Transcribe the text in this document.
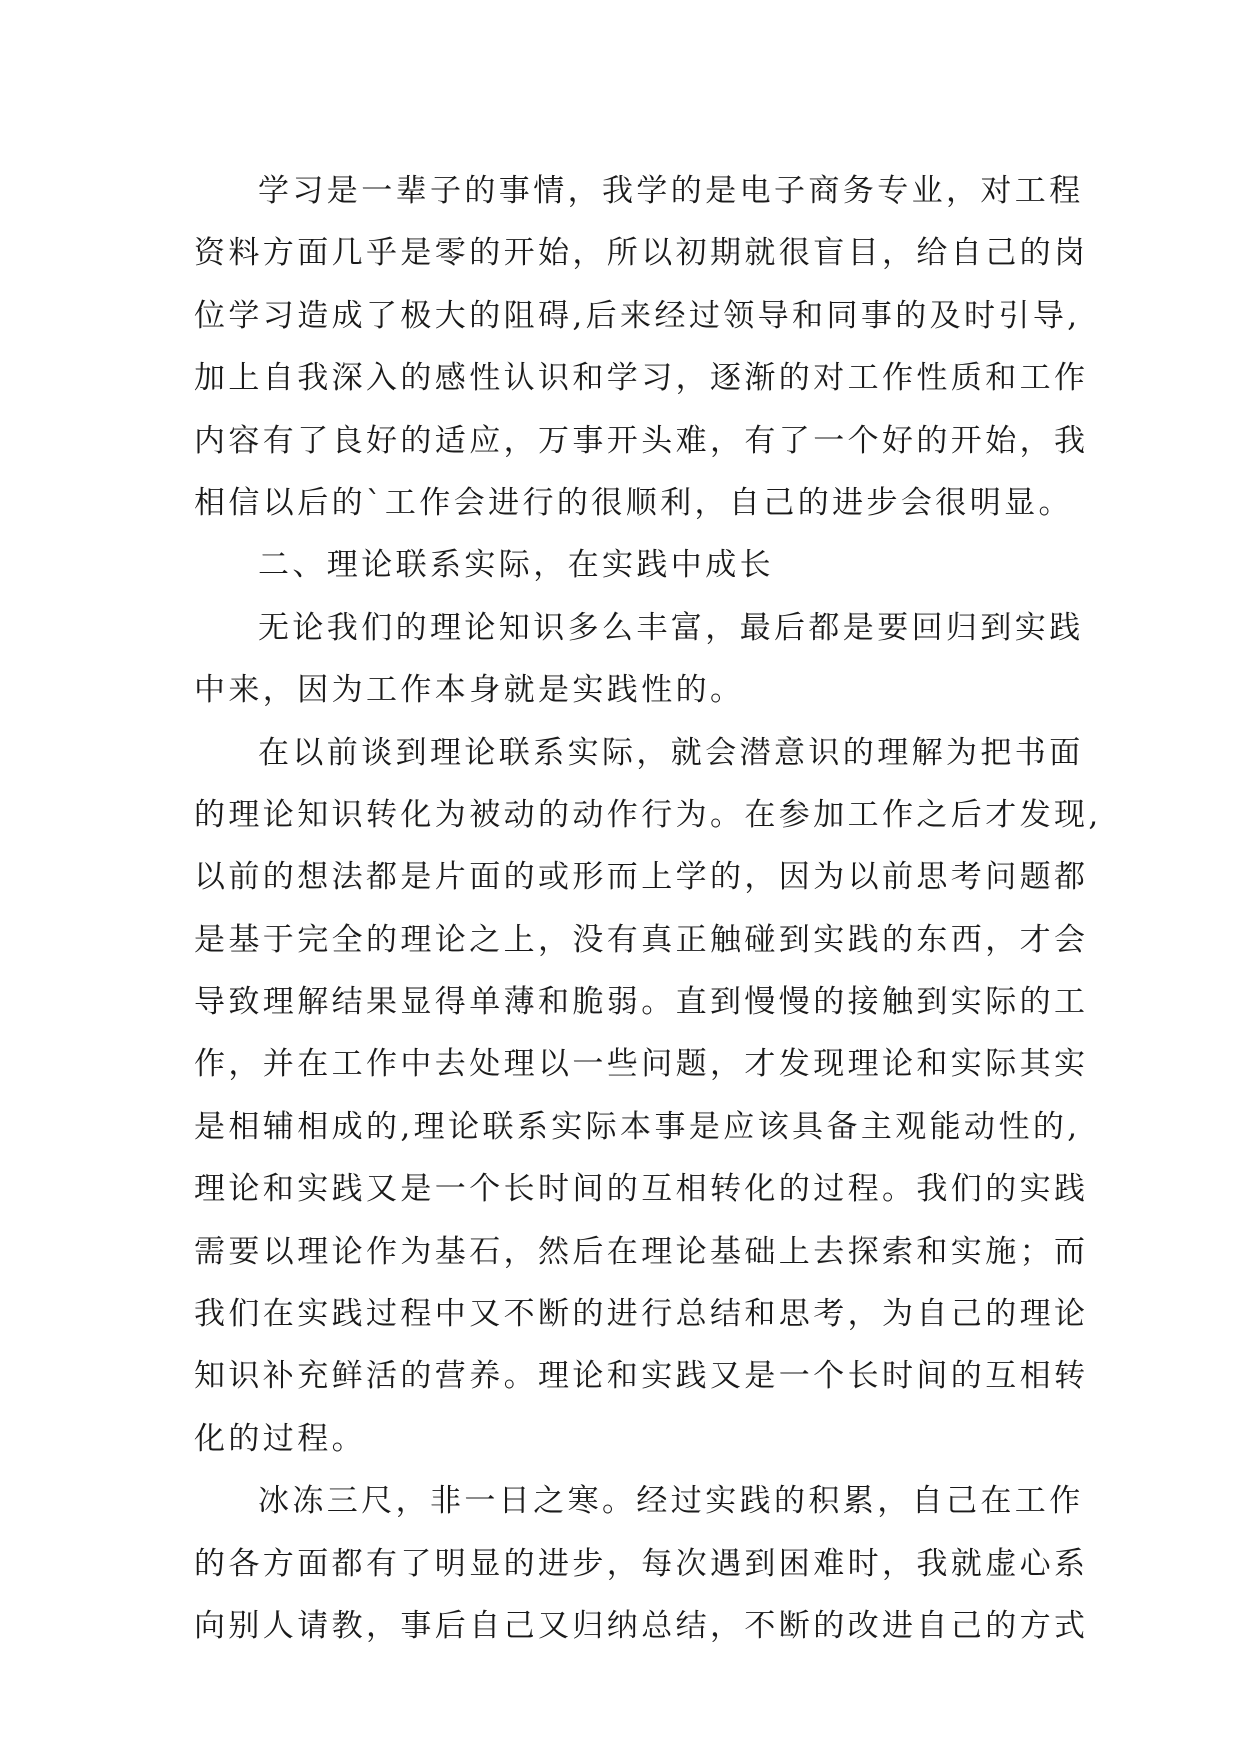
学习是一辈子的事情，我学的是电子商务专业，对工程
资料方面几乎是零的开始，所以初期就很盲目，给自己的岗
位学习造成了极大的阻碍,后来经过领导和同事的及时引导,
加上自我深入的感性认识和学习，逐渐的对工作性质和工作
内容有了良好的适应，万事开头难，有了一个好的开始，我
相信以后的`工作会进行的很顺利，自己的进步会很明显。
二、理论联系实际，在实践中成长
无论我们的理论知识多么丰富，最后都是要回归到实践
中来，因为工作本身就是实践性的。
在以前谈到理论联系实际，就会潜意识的理解为把书面
的理论知识转化为被动的动作行为。在参加工作之后才发现,
以前的想法都是片面的或形而上学的，因为以前思考问题都
是基于完全的理论之上，没有真正触碰到实践的东西，才会
导致理解结果显得单薄和脆弱。直到慢慢的接触到实际的工
作，并在工作中去处理以一些问题，才发现理论和实际其实
是相辅相成的,理论联系实际本事是应该具备主观能动性的,
理论和实践又是一个长时间的互相转化的过程。我们的实践
需要以理论作为基石，然后在理论基础上去探索和实施；而
我们在实践过程中又不断的进行总结和思考，为自己的理论
知识补充鲜活的营养。理论和实践又是一个长时间的互相转
化的过程。
冰冻三尺，非一日之寒。经过实践的积累，自己在工作
的各方面都有了明显的进步，每次遇到困难时，我就虚心系
向别人请教，事后自己又归纳总结，不断的改进自己的方式
